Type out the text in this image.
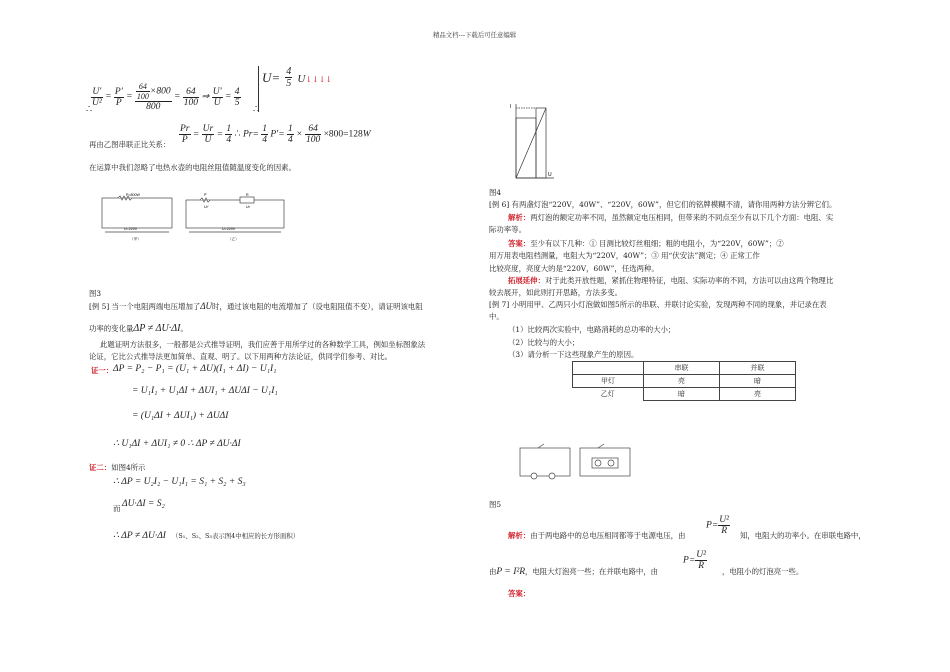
精品文档---下载后可任意编辑
$\frac{U'}{\text{U²}} = \frac{P'}{P} = \frac{\frac{64}{100} \times 800}{800} = \frac{64}{100}$ ⇒ $\frac{U'}{U} = \frac{4}{5}$
∴	∴
$U= \frac{4}{5}$ U↓↓↓↓
再由乙图串联正比关系： $\frac{Pr}{P} = \frac{Ur}{U} = \frac{1}{4}$ ∴ $Pr= \frac{1}{4} P'= \frac{1}{4} \times \frac{64}{100} \times 800=128W$
在运算中我们忽略了电热水壶的电阻丝阻值随温度变化的因素。
P=800W
U=220V
（甲）
P'
Ur'
R
Ur
U=220V
（乙）
图3
[例 5] 当一个电阻两端电压增加了ΔU时，通过该电阻的电流增加了（设电阻阻值不变），请证明该电阻
功率的变化量ΔP ≠ ΔU·ΔI。
此题证明方法很多，一般都是公式推导证明，我们应善于用所学过的各种数学工具，例如坐标图象法
论证，它比公式推导法更加简单、直观、明了。以下用两种方法论证，供同学们参考、对比。
证一： ΔP = P₂ − P₁ = (U₁ + ΔU)(I₁ + ΔI) − U₁I₁
= U₁I₁ + U₁ΔI + ΔUI₁ + ΔUΔI − U₁I₁
= (U₁ΔI + ΔUI₁) + ΔUΔI
∴ U₁ΔI + ΔUI₁ ≠ 0 ∴ ΔP ≠ ΔU·ΔI
证二：如图4所示
∴ ΔP = U₂I₂ − U₁I₁ = S₁ + S₂ + S₃
而 ΔU·ΔI = S₂
∴ ΔP ≠ ΔU·ΔI （S₁、S₂、S₃表示图4中相应的长方形面积）
I
U
图4
[例 6] 有两盏灯泡“220V，40W”、“220V，60W”，但它们的铭牌模糊不清，请你用两种方法分辨它们。
解析：两灯泡的额定功率不同，虽然额定电压相同，但带来的不同点至少有以下几个方面：电阻、实
际功率等。
答案：至少有以下几种：① 目测比较灯丝粗细；粗的电阻小，为“220V，60W”；②
用万用表电阻档测量，电阻大为“220V，40W”；③ 用“伏安法”测定；④ 正常工作
比较亮度，亮度大的是“220V，60W”，任选两种。
拓展延伸：对于此类开放性题，紧抓住物理特征，电阻、实际功率的不同，方法可以由这两个物理比
较去展开，如此则打开思路，方法多变。
[例 7] 小明用甲、乙两只小灯泡做如图5所示的串联、并联讨论实验，发现两种不同的现象，并记录在表
中。
（1）比较两次实验中，电路消耗的总功率的大小；
（2）比较与的大小；
（3）请分析一下这些现象产生的原因。
	串联	并联
甲灯	亮	暗
乙灯	暗	亮
图5
解析：由于两电路中的总电压相同都等于电源电压，由
$P= \frac{\text{U²}}{R}$ 知，电阻大的功率小。在串联电路中，
由P = I²R，电阻大灯泡亮一些；在并联电路中，由
$P= \frac{\text{U²}}{R}$
，电阻小的灯泡亮一些。
答案：
